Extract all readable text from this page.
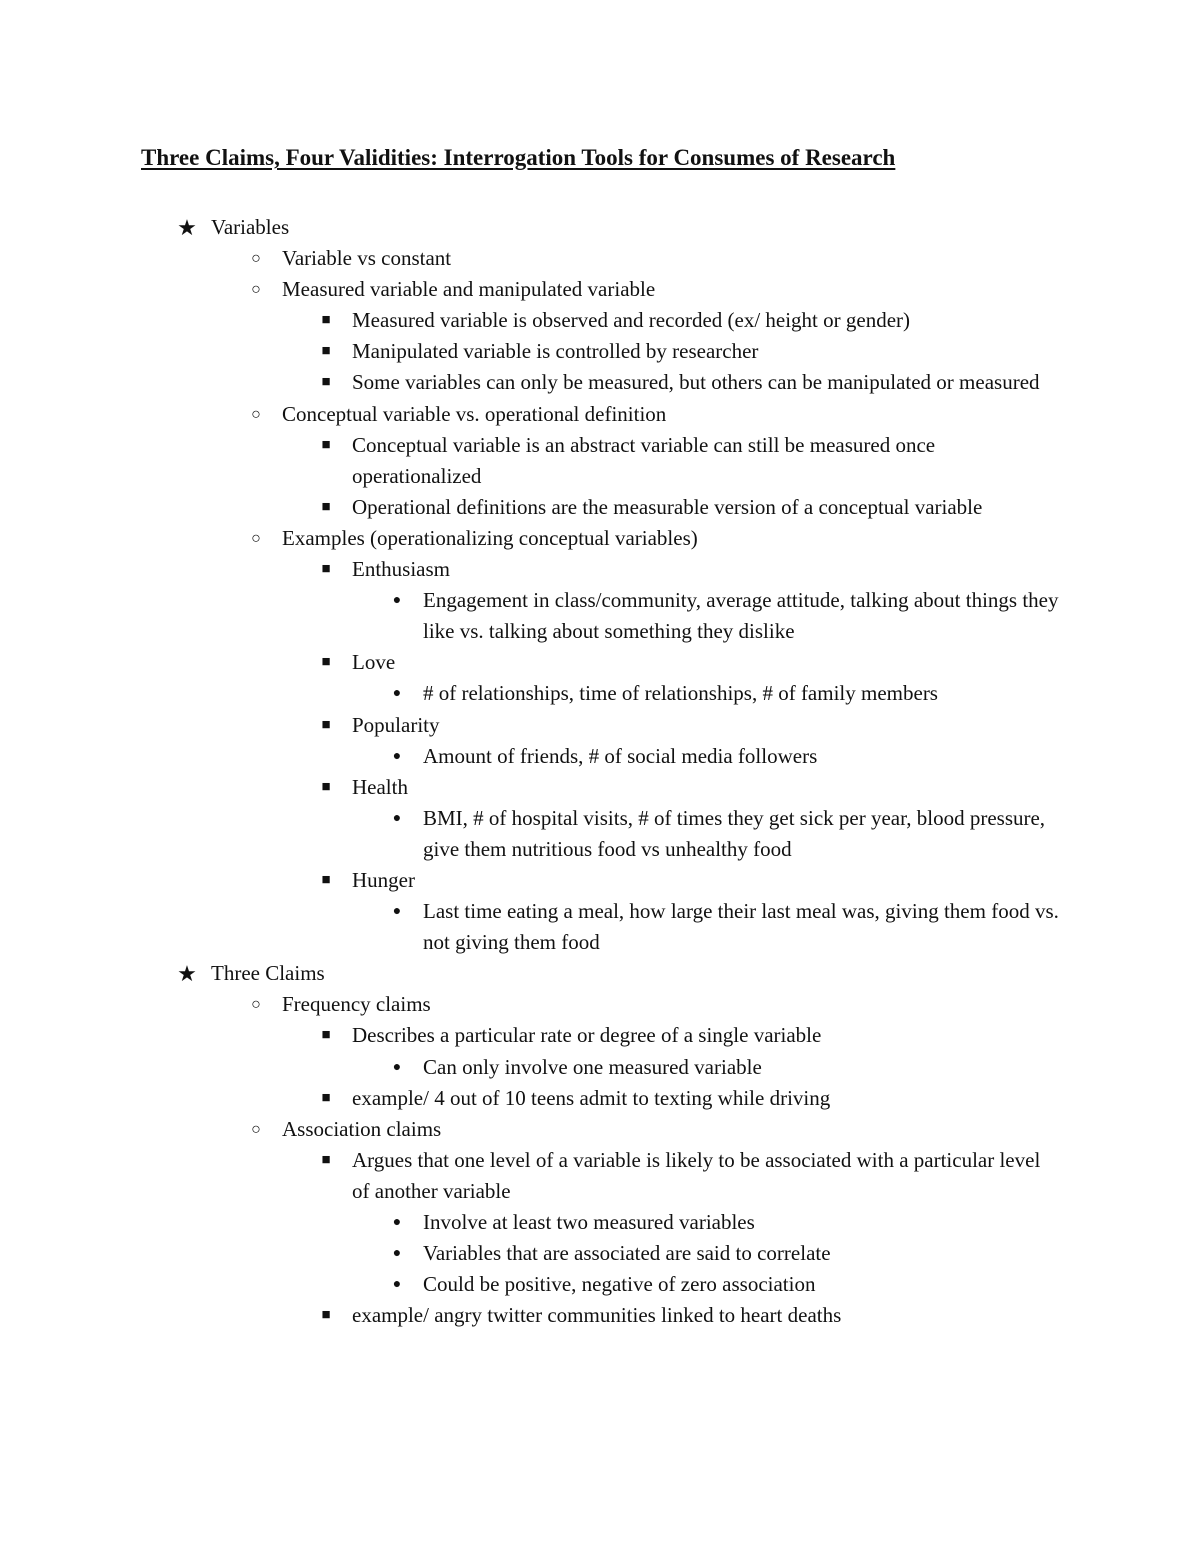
Three Claims, Four Validities: Interrogation Tools for Consumes of Research
★ Variables
○	Variable vs constant
○	Measured variable and manipulated variable
■	Measured variable is observed and recorded (ex/ height or gender)
■	Manipulated variable is controlled by researcher
■	Some variables can only be measured, but others can be manipulated or measured
○	Conceptual variable vs. operational definition
■	Conceptual variable is an abstract variable can still be measured once operationalized
■	Operational definitions are the measurable version of a conceptual variable
○	Examples (operationalizing conceptual variables)
■	Enthusiasm
●	Engagement in class/community, average attitude, talking about things they like vs. talking about something they dislike
■	Love
●	# of relationships, time of relationships, # of family members
■	Popularity
●	Amount of friends, # of social media followers
■	Health
●	BMI, # of hospital visits, # of times they get sick per year, blood pressure, give them nutritious food vs unhealthy food
■	Hunger
●	Last time eating a meal, how large their last meal was, giving them food vs. not giving them food
★ Three Claims
○	Frequency claims
■	Describes a particular rate or degree of a single variable
●	Can only involve one measured variable
■	example/ 4 out of 10 teens admit to texting while driving
○	Association claims
■	Argues that one level of a variable is likely to be associated with a particular level of another variable
●	Involve at least two measured variables
●	Variables that are associated are said to correlate
●	Could be positive, negative of zero association
■	example/ angry twitter communities linked to heart deaths
